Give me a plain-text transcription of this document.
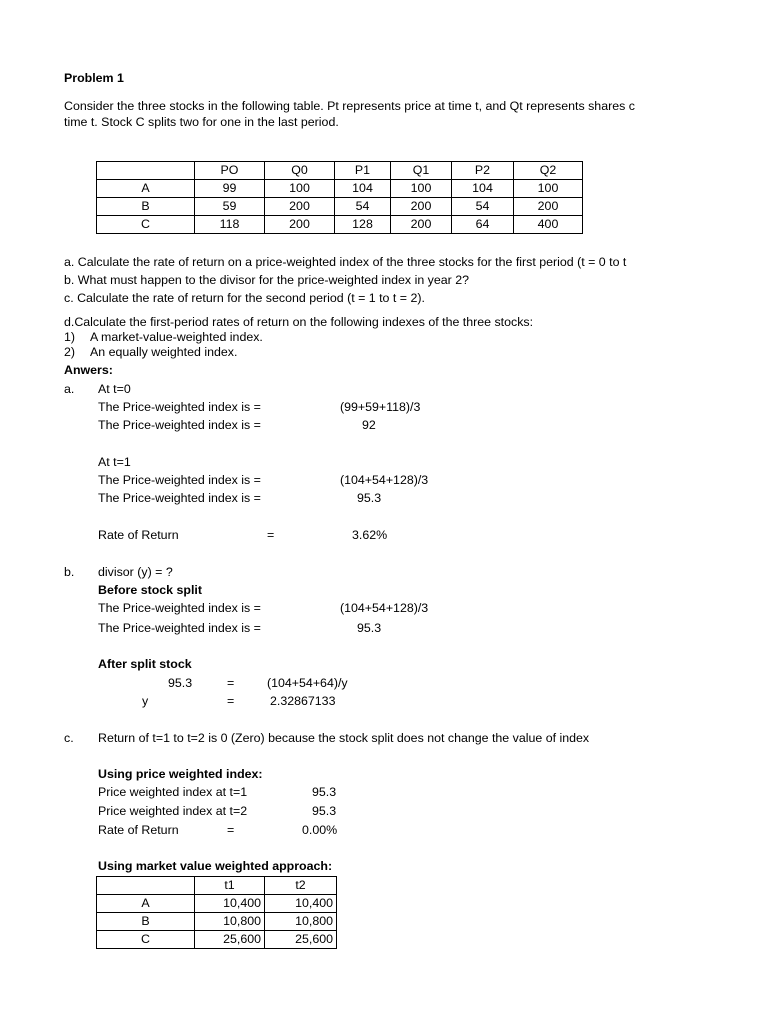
Problem 1
Consider the three stocks in the following table. Pt represents price at time t, and Qt represents shares c
time t. Stock C splits two for one in the last period.
	PO	Q0	P1	Q1	P2	Q2
A	99	100	104	100	104	100
B	59	200	54	200	54	200
C	118	200	128	200	64	400
a. Calculate the rate of return on a price-weighted index of the three stocks for the first period (t = 0 to t
b. What must happen to the divisor for the price-weighted index in year 2?
c. Calculate the rate of return for the second period (t = 1 to t = 2).
d.Calculate the first-period rates of return on the following indexes of the three stocks:
1) A market-value-weighted index.
2) An equally weighted index.
Anwers:
a. At t=0
The Price-weighted index is =	(99+59+118)/3
The Price-weighted index is =	92
At t=1
The Price-weighted index is =	(104+54+128)/3
The Price-weighted index is =	95.3
Rate of Return	=	3.62%
b. divisor (y) = ?
Before stock split
The Price-weighted index is =	(104+54+128)/3
The Price-weighted index is =	95.3
After split stock
95.3	=	(104+54+64)/y
y	=	2.32867133
c. Return of t=1 to t=2 is 0 (Zero) because the stock split does not change the value of index
Using price weighted index:
Price weighted index at t=1	95.3
Price weighted index at t=2	95.3
Rate of Return	=	0.00%
Using market value weighted approach:
	t1	t2
A	10,400	10,400
B	10,800	10,800
C	25,600	25,600
